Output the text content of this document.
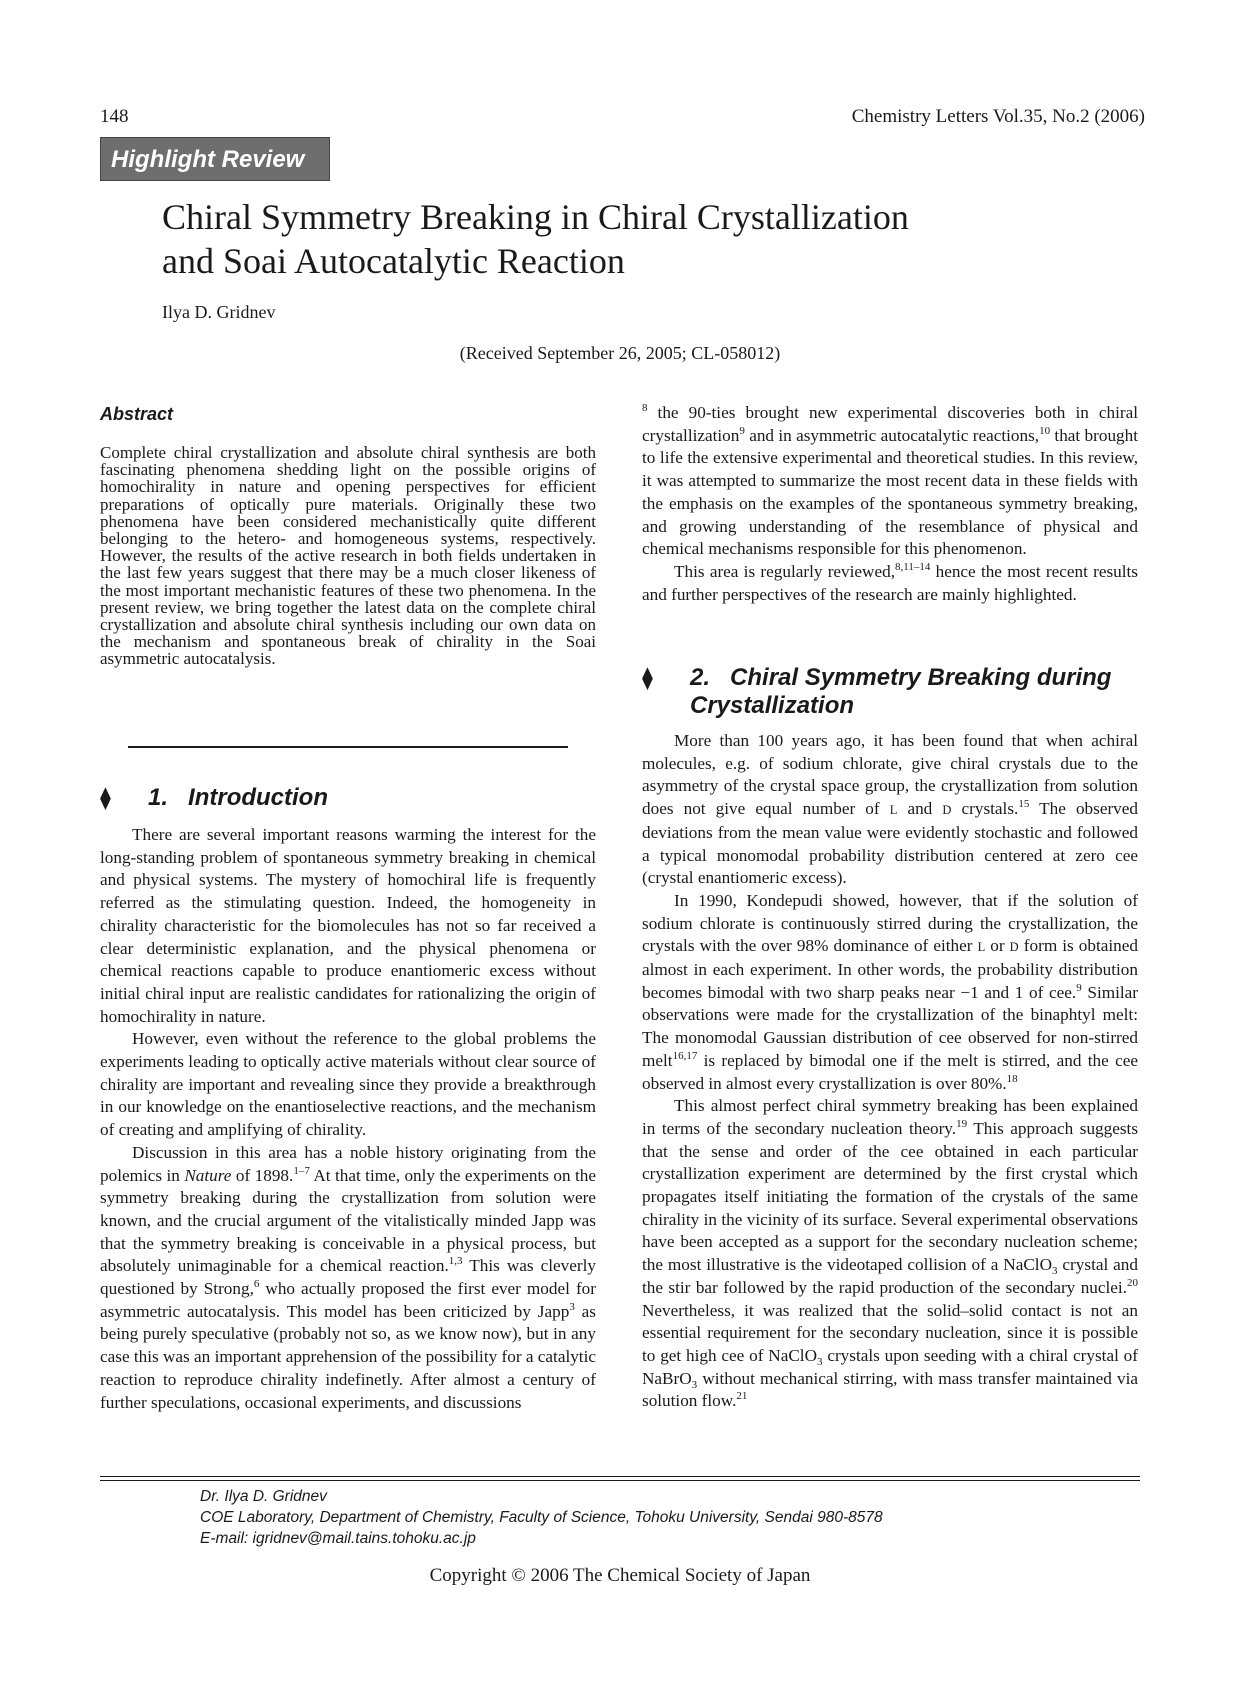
148	Chemistry Letters Vol.35, No.2 (2006)
Highlight Review
Chiral Symmetry Breaking in Chiral Crystallization
and Soai Autocatalytic Reaction
Ilya D. Gridnev
(Received September 26, 2005; CL-058012)
Abstract

Complete chiral crystallization and absolute chiral synthesis are both fascinating phenomena shedding light on the possible origins of homochirality in nature and opening perspectives for efficient preparations of optically pure materials. Originally these two phenomena have been considered mechanistically quite different belonging to the hetero- and homogeneous systems, respectively. However, the results of the active research in both fields undertaken in the last few years suggest that there may be a much closer likeness of the most important mechanistic features of these two phenomena. In the present review, we bring together the latest data on the complete chiral crystallization and absolute chiral synthesis including our own data on the mechanism and spontaneous break of chirality in the Soai asymmetric autocatalysis.

⧫ 1. Introduction

There are several important reasons warming the interest for the long-standing problem of spontaneous symmetry breaking in chemical and physical systems. The mystery of homochiral life is frequently referred as the stimulating question. Indeed, the homogeneity in chirality characteristic for the biomolecules has not so far received a clear deterministic explanation, and the physical phenomena or chemical reactions capable to produce enantiomeric excess without initial chiral input are realistic candidates for rationalizing the origin of homochirality in nature.

However, even without the reference to the global problems the experiments leading to optically active materials without clear source of chirality are important and revealing since they provide a breakthrough in our knowledge on the enantioselective reactions, and the mechanism of creating and amplifying of chirality.

Discussion in this area has a noble history originating from the polemics in Nature of 1898.$^{1-7}$ At that time, only the experiments on the symmetry breaking during the crystallization from solution were known, and the crucial argument of the vitalistically minded Japp was that the symmetry breaking is conceivable in a physical process, but absolutely unimaginable for a chemical reaction.$^{1,3}$ This was cleverly questioned by Strong,$^6$ who actually proposed the first ever model for asymmetric autocatalysis. This model has been criticized by Japp$^3$ as being purely speculative (probably not so, as we know now), but in any case this was an important apprehension of the possibility for a catalytic reaction to reproduce chirality indefinetly. After almost a century of further speculations, occasional experiments, and discussions

$^8$ the 90-ties brought new experimental discoveries both in chiral crystallization$^9$ and in asymmetric autocatalytic reactions,$^{10}$ that brought to life the extensive experimental and theoretical studies. In this review, it was attempted to summarize the most recent data in these fields with the emphasis on the examples of the spontaneous symmetry breaking, and growing understanding of the resemblance of physical and chemical mechanisms responsible for this phenomenon.

This area is regularly reviewed,$^{8,11-14}$ hence the most recent results and further perspectives of the research are mainly highlighted.

⧫ 2. Chiral Symmetry Breaking during Crystallization

More than 100 years ago, it has been found that when achiral molecules, e.g. of sodium chlorate, give chiral crystals due to the asymmetry of the crystal space group, the crystallization from solution does not give equal number of L and D crystals.$^{15}$ The observed deviations from the mean value were evidently stochastic and followed a typical monomodal probability distribution centered at zero cee (crystal enantiomeric excess).

In 1990, Kondepudi showed, however, that if the solution of sodium chlorate is continuously stirred during the crystallization, the crystals with the over 98% dominance of either L or D form is obtained almost in each experiment. In other words, the probability distribution becomes bimodal with two sharp peaks near −1 and 1 of cee.$^9$ Similar observations were made for the crystallization of the binaphtyl melt: The monomodal Gaussian distribution of cee observed for non-stirred melt$^{16,17}$ is replaced by bimodal one if the melt is stirred, and the cee observed in almost every crystallization is over 80%.$^{18}$

This almost perfect chiral symmetry breaking has been explained in terms of the secondary nucleation theory.$^{19}$ This approach suggests that the sense and order of the cee obtained in each particular crystallization experiment are determined by the first crystal which propagates itself initiating the formation of the crystals of the same chirality in the vicinity of its surface. Several experimental observations have been accepted as a support for the secondary nucleation scheme; the most illustrative is the videotaped collision of a NaClO$_3$ crystal and the stir bar followed by the rapid production of the secondary nuclei.$^{20}$ Nevertheless, it was realized that the solid–solid contact is not an essential requirement for the secondary nucleation, since it is possible to get high cee of NaClO$_3$ crystals upon seeding with a chiral crystal of NaBrO$_3$ without mechanical stirring, with mass transfer maintained via solution flow.$^{21}$

Dr. Ilya D. Gridnev
COE Laboratory, Department of Chemistry, Faculty of Science, Tohoku University, Sendai 980-8578
E-mail: igridnev@mail.tains.tohoku.ac.jp
Copyright © 2006 The Chemical Society of Japan
